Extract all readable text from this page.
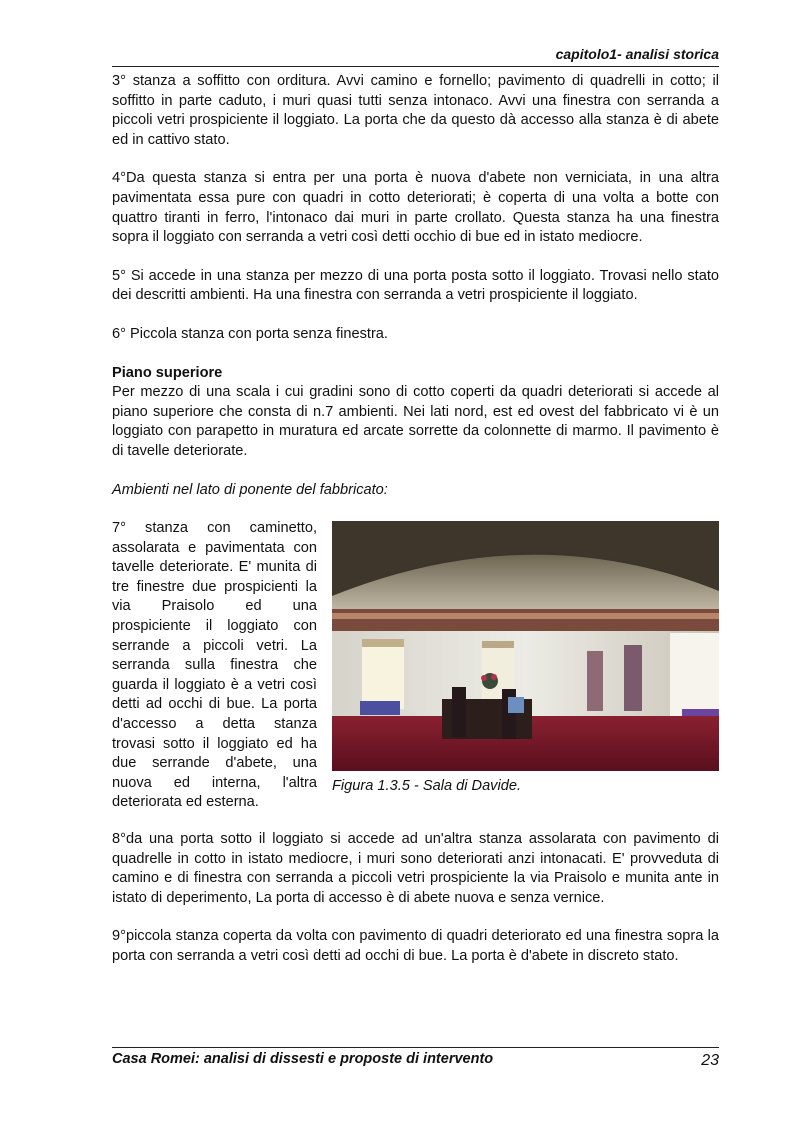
capitolo1- analisi storica

3° stanza a soffitto con orditura. Avvi camino e fornello; pavimento di quadrelli in cotto; il soffitto in parte caduto, i muri quasi tutti senza intonaco. Avvi una finestra con serranda a piccoli vetri prospiciente il loggiato. La porta che da questo dà accesso alla stanza è di abete ed in cattivo stato.

4°Da questa stanza si entra per una porta è nuova d'abete non verniciata, in una altra pavimentata essa pure con quadri in cotto deteriorati; è coperta di una volta a botte con quattro tiranti in ferro, l'intonaco dai muri in parte crollato. Questa stanza ha una finestra sopra il loggiato con serranda a vetri così detti occhio di bue ed in istato mediocre.

5° Si accede in una stanza per mezzo di una porta posta sotto il loggiato. Trovasi nello stato dei descritti ambienti. Ha una finestra con serranda a vetri prospiciente il loggiato.

6° Piccola stanza con porta senza finestra.

Piano superiore

Per mezzo di una scala i cui gradini sono di cotto coperti da quadri deteriorati si accede al piano superiore che consta di n.7 ambienti. Nei lati nord, est ed ovest del fabbricato vi è un loggiato con parapetto in muratura ed arcate sorrette da colonnette di marmo. Il pavimento è di tavelle deteriorate.

Ambienti nel lato di ponente del fabbricato:
7° stanza con caminetto, assolarata e pavimentata con tavelle deteriorate. E' munita di tre finestre due prospicienti la via Praisolo ed una prospiciente il loggiato con serrande a piccoli vetri. La serranda sulla finestra che guarda il loggiato è a vetri così detti ad occhi di bue. La porta d'accesso a detta stanza trovasi sotto il loggiato ed ha due serrande d'abete, una nuova ed interna, l'altra deteriorata ed esterna.
Figura 1.3.5 - Sala di Davide.

8°da una porta sotto il loggiato si accede ad un'altra stanza assolarata con pavimento di quadrelle in cotto in istato mediocre, i muri sono deteriorati anzi intonacati. E' provveduta di camino e di finestra con serranda a piccoli vetri prospiciente la via Praisolo e munita ante in istato di deperimento, La porta di accesso è di abete nuova e senza vernice.

9°piccola stanza coperta da volta con pavimento di quadri deteriorato ed una finestra sopra la porta con serranda a vetri così detti ad occhi di bue. La porta è d'abete in discreto stato.

Casa Romei: analisi di dissesti e proposte di intervento	23
